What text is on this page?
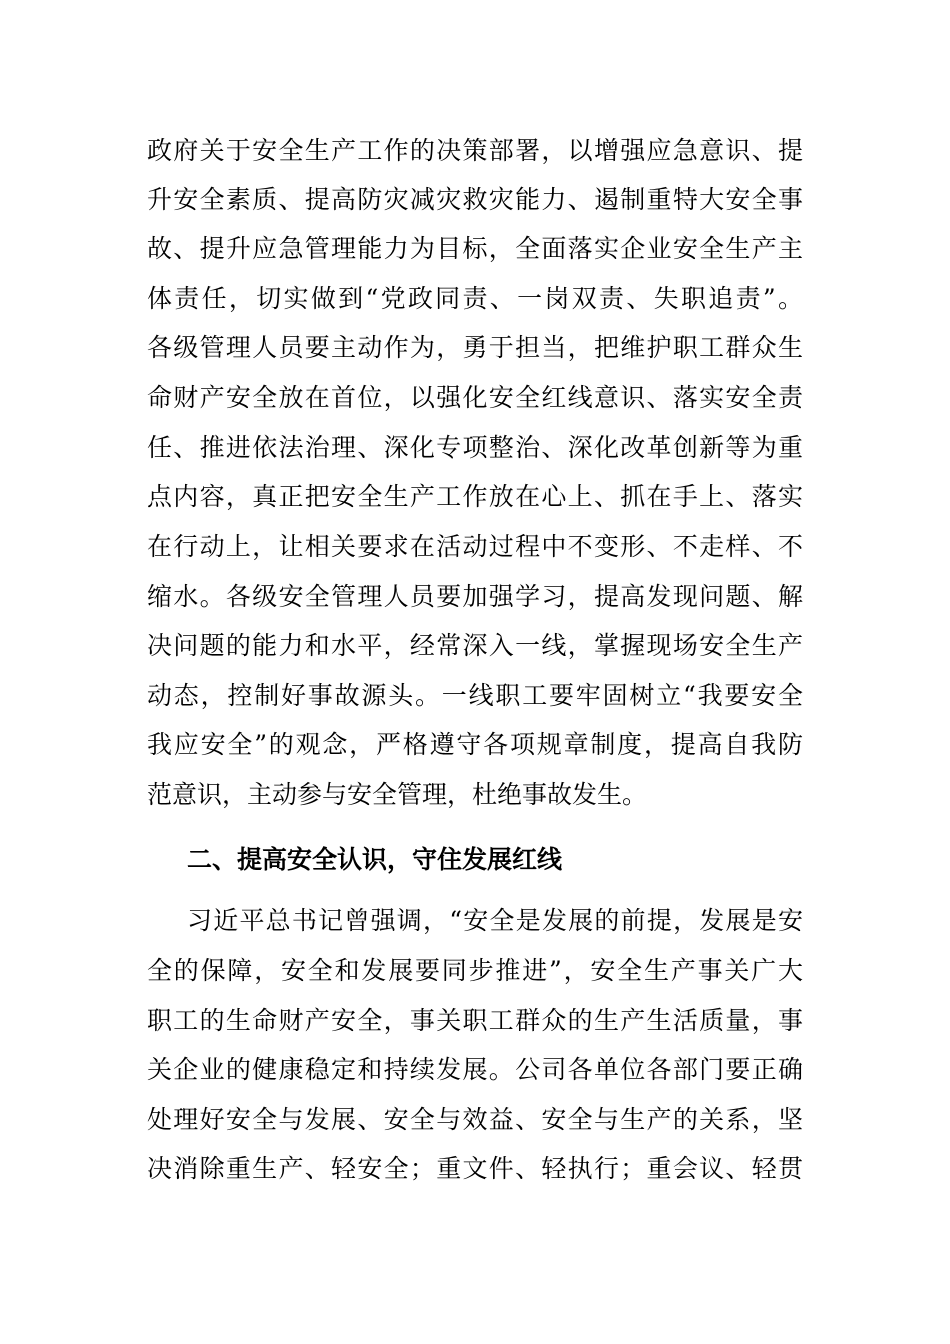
政府关于安全生产工作的决策部署，以增强应急意识、提
升安全素质、提高防灾减灾救灾能力、遏制重特大安全事
故、提升应急管理能力为目标，全面落实企业安全生产主
体责任，切实做到“党政同责、一岗双责、失职追责”。
各级管理人员要主动作为，勇于担当，把维护职工群众生
命财产安全放在首位，以强化安全红线意识、落实安全责
任、推进依法治理、深化专项整治、深化改革创新等为重
点内容，真正把安全生产工作放在心上、抓在手上、落实
在行动上，让相关要求在活动过程中不变形、不走样、不
缩水。各级安全管理人员要加强学习，提高发现问题、解
决问题的能力和水平，经常深入一线，掌握现场安全生产
动态，控制好事故源头。一线职工要牢固树立“我要安全
我应安全”的观念，严格遵守各项规章制度，提高自我防
范意识，主动参与安全管理，杜绝事故发生。
二、提高安全认识，守住发展红线
习近平总书记曾强调，“安全是发展的前提，发展是安
全的保障，安全和发展要同步推进”，安全生产事关广大
职工的生命财产安全，事关职工群众的生产生活质量，事
关企业的健康稳定和持续发展。公司各单位各部门要正确
处理好安全与发展、安全与效益、安全与生产的关系，坚
决消除重生产、轻安全；重文件、轻执行；重会议、轻贯
